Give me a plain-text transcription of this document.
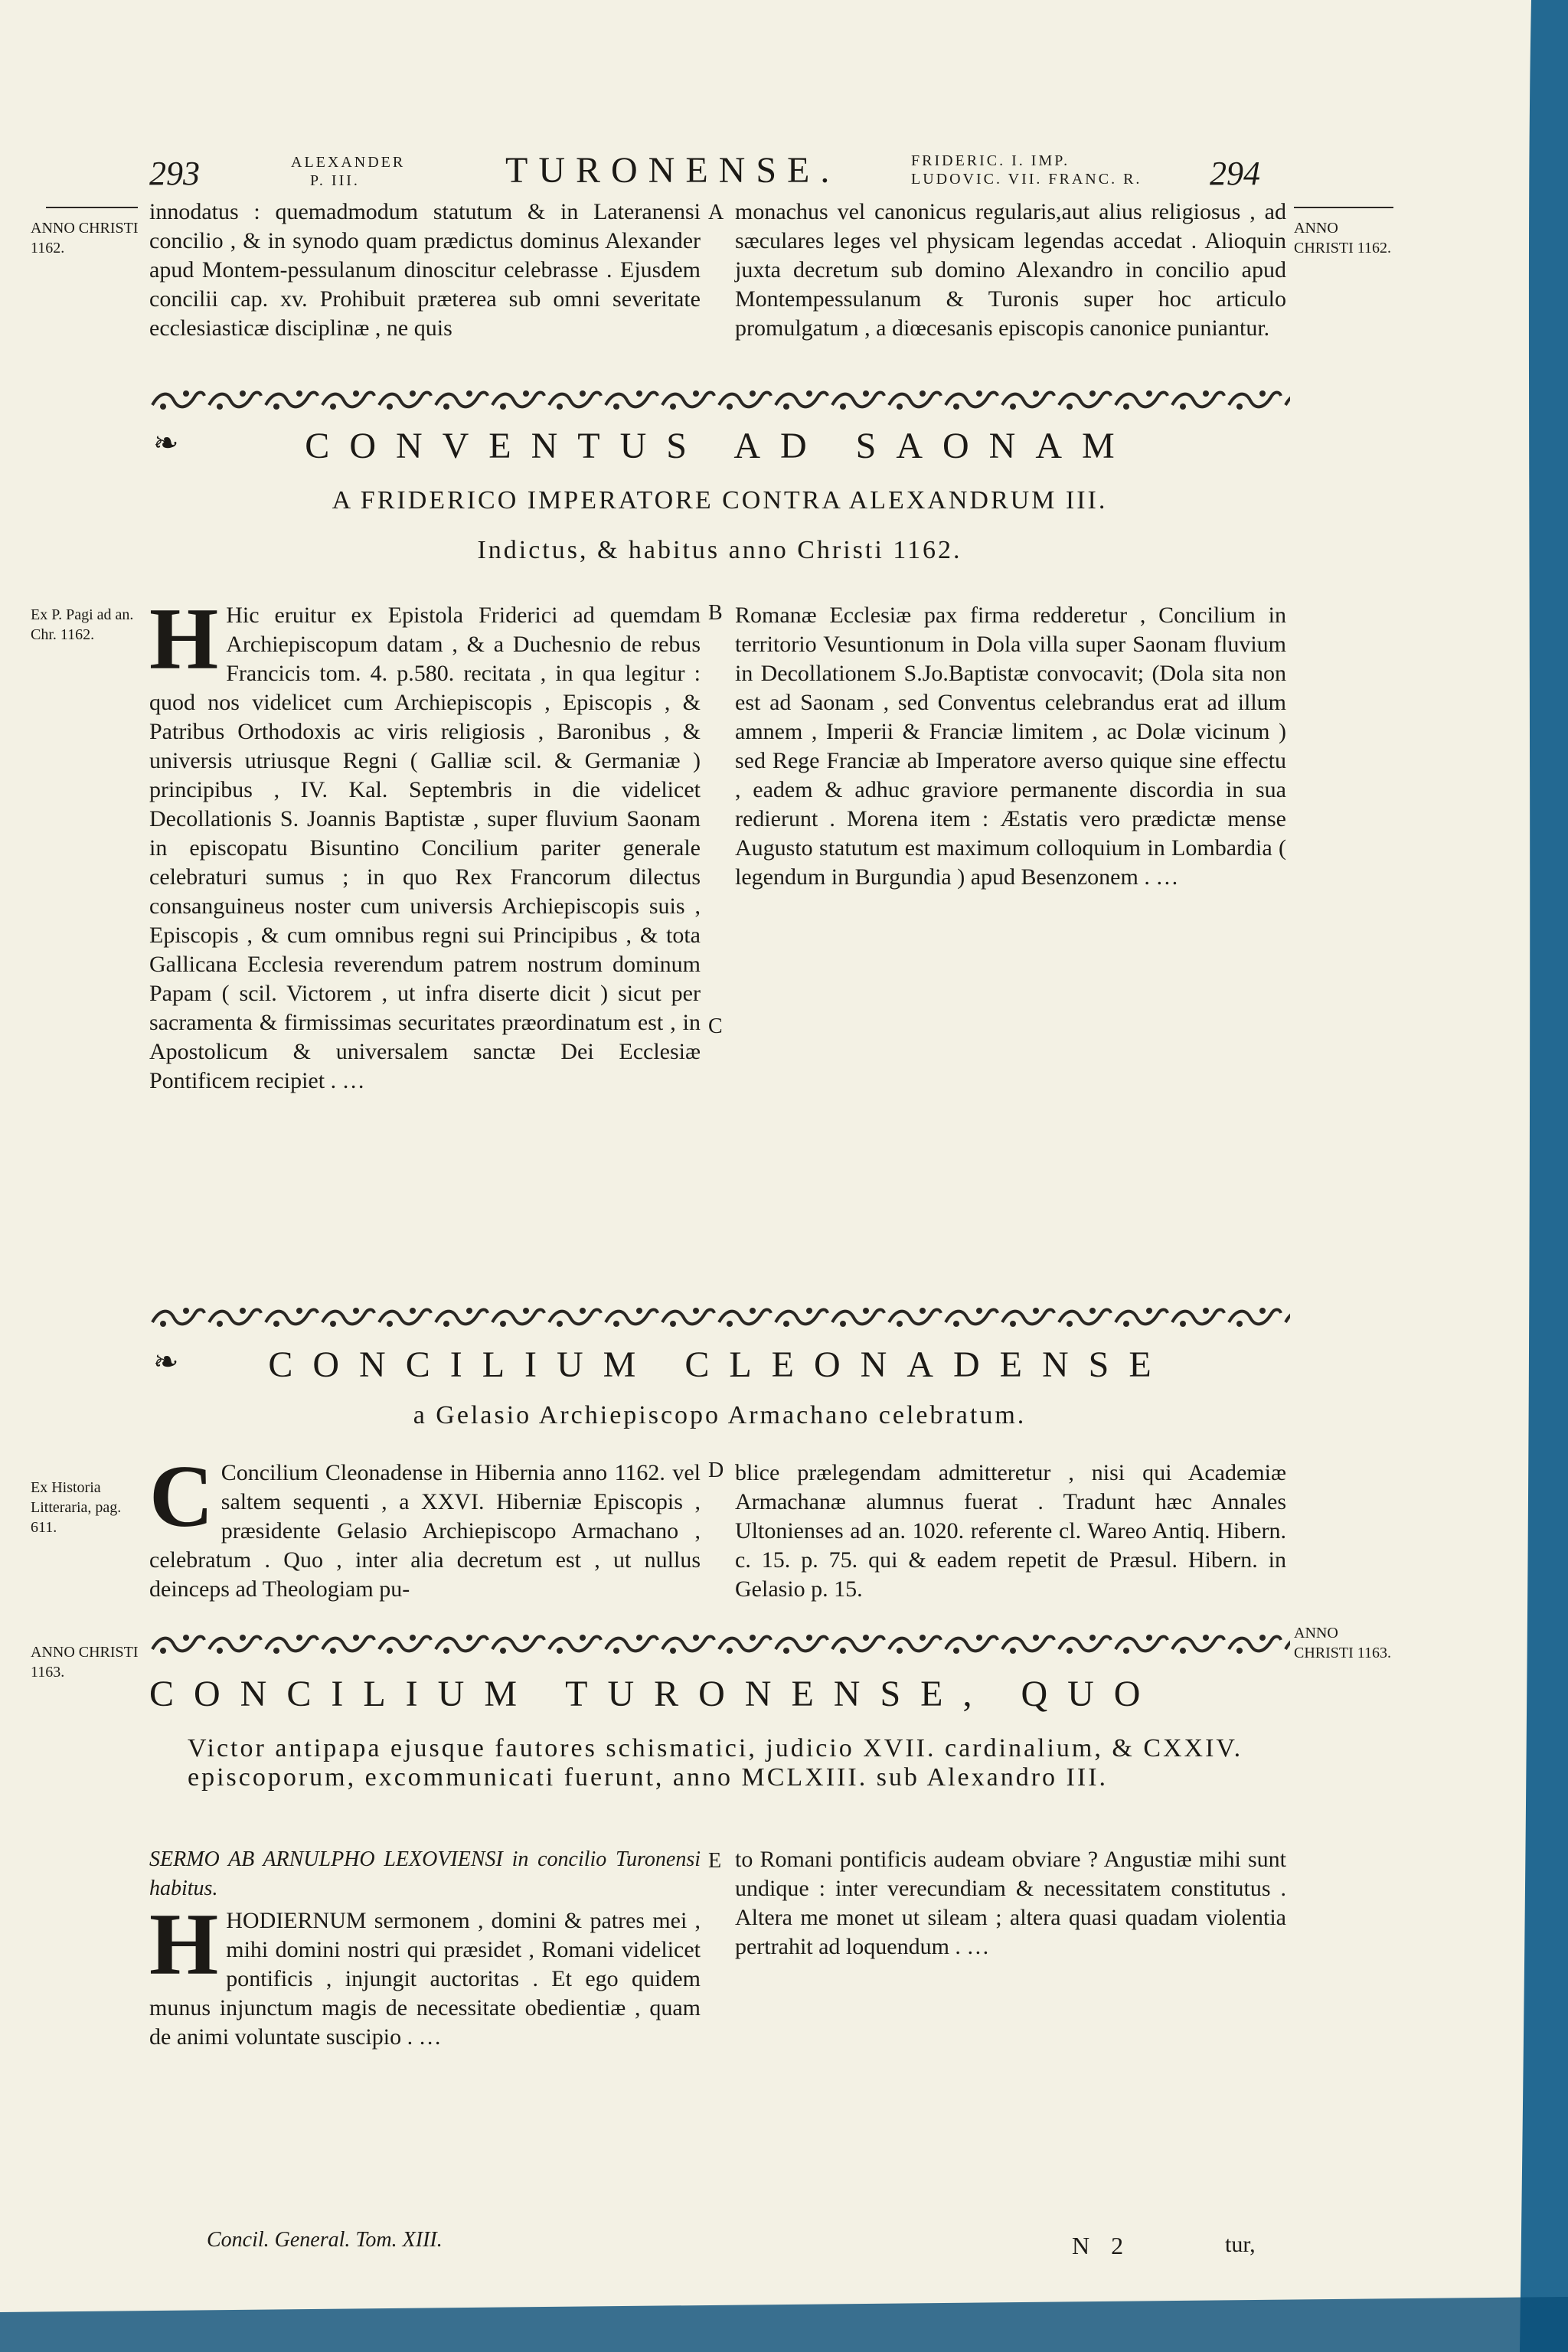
293	ALEXANDER
P. III.	TURONENSE.	FRIDERIC. I. IMP.
LUDOVIC. VII. FRANC. R. 294
ANNO CHRISTI 1162.
ANNO CHRISTI 1162.
Ex P. Pagi ad an. Chr. 1162.
Ex Historia Litteraria, pag. 611.
ANNO CHRISTI 1163.
ANNO CHRISTI 1163.
A
B
C
D
E
innodatus : quemadmodum statutum & in Lateranensi concilio , & in synodo quam prædictus dominus Alexander apud Montem-pessulanum dinoscitur celebrasse . Ejusdem concilii cap. xv. Prohibuit præterea sub omni severitate ecclesiasticæ disciplinæ , ne quis
monachus vel canonicus regularis,aut alius religiosus , ad sæculares leges vel physicam legendas accedat . Alioquin juxta decretum sub domino Alexandro in concilio apud Montempessulanum & Turonis super hoc articulo promulgatum , a diœcesanis episcopis canonice puniantur.
❧	CONVENTUS AD SAONAM
A FRIDERICO IMPERATORE CONTRA ALEXANDRUM III.
Indictus, & habitus anno Christi 1162.
H Hic eruitur ex Epistola Friderici ad quemdam Archiepiscopum datam , & a Duchesnio de rebus Francicis tom. 4. p.580. recitata , in qua legitur : quod nos videlicet cum Archiepiscopis , Episcopis , & Patribus Orthodoxis ac viris religiosis , Baronibus , & universis utriusque Regni ( Galliæ scil. & Germaniæ ) principibus , IV. Kal. Septembris in die videlicet Decollationis S. Joannis Baptistæ , super fluvium Saonam in episcopatu Bisuntino Concilium pariter generale celebraturi sumus ; in quo Rex Francorum dilectus consanguineus noster cum universis Archiepiscopis suis , Episcopis , & cum omnibus regni sui Principibus , & tota Gallicana Ecclesia reverendum patrem nostrum dominum Papam ( scil. Victorem , ut infra diserte dicit ) sicut per sacramenta & firmissimas securitates præordinatum est , in Apostolicum & universalem sanctæ Dei Ecclesiæ Pontificem recipiet . …
Romanæ Ecclesiæ pax firma redderetur , Concilium in territorio Vesuntionum in Dola villa super Saonam fluvium in Decollationem S.Jo.Baptistæ convocavit; (Dola sita non est ad Saonam , sed Conventus celebrandus erat ad illum amnem , Imperii & Franciæ limitem , ac Dolæ vicinum ) sed Rege Franciæ ab Imperatore averso quique sine effectu , eadem & adhuc graviore permanente discordia in sua redierunt . Morena item : Æstatis vero prædictæ mense Augusto statutum est maximum colloquium in Lombardia ( legendum in Burgundia ) apud Besenzonem . …
❧	CONCILIUM CLEONADENSE
a Gelasio Archiepiscopo Armachano celebratum.
C Concilium Cleonadense in Hibernia anno 1162. vel saltem sequenti , a XXVI. Hiberniæ Episcopis , præsidente Gelasio Archiepiscopo Armachano , celebratum . Quo , inter alia decretum est , ut nullus deinceps ad Theologiam pu-
blice prælegendam admitteretur , nisi qui Academiæ Armachanæ alumnus fuerat . Tradunt hæc Annales Ultonienses ad an. 1020. referente cl. Wareo Antiq. Hibern. c. 15. p. 75. qui & eadem repetit de Præsul. Hibern. in Gelasio p. 15.
CONCILIUM TURONENSE, QUO
Victor antipapa ejusque fautores schismatici, judicio XVII. cardinalium, & CXXIV. episcoporum, excommunicati fuerunt, anno MCLXIII. sub Alexandro III.
SERMO AB ARNULPHO LEXOVIENSI in concilio Turonensi habitus.
HHODIERNUM sermonem , domini & patres mei , mihi domini nostri qui præsidet , Romani videlicet pontificis , injungit auctoritas . Et ego quidem munus injunctum magis de necessitate obedientiæ , quam de animi voluntate suscipio . …
to Romani pontificis audeam obviare ? Angustiæ mihi sunt undique : inter verecundiam & necessitatem constitutus . Altera me monet ut sileam ; altera quasi quadam violentia pertrahit ad loquendum . …
Concil. General. Tom. XIII.	N 2	tur,
